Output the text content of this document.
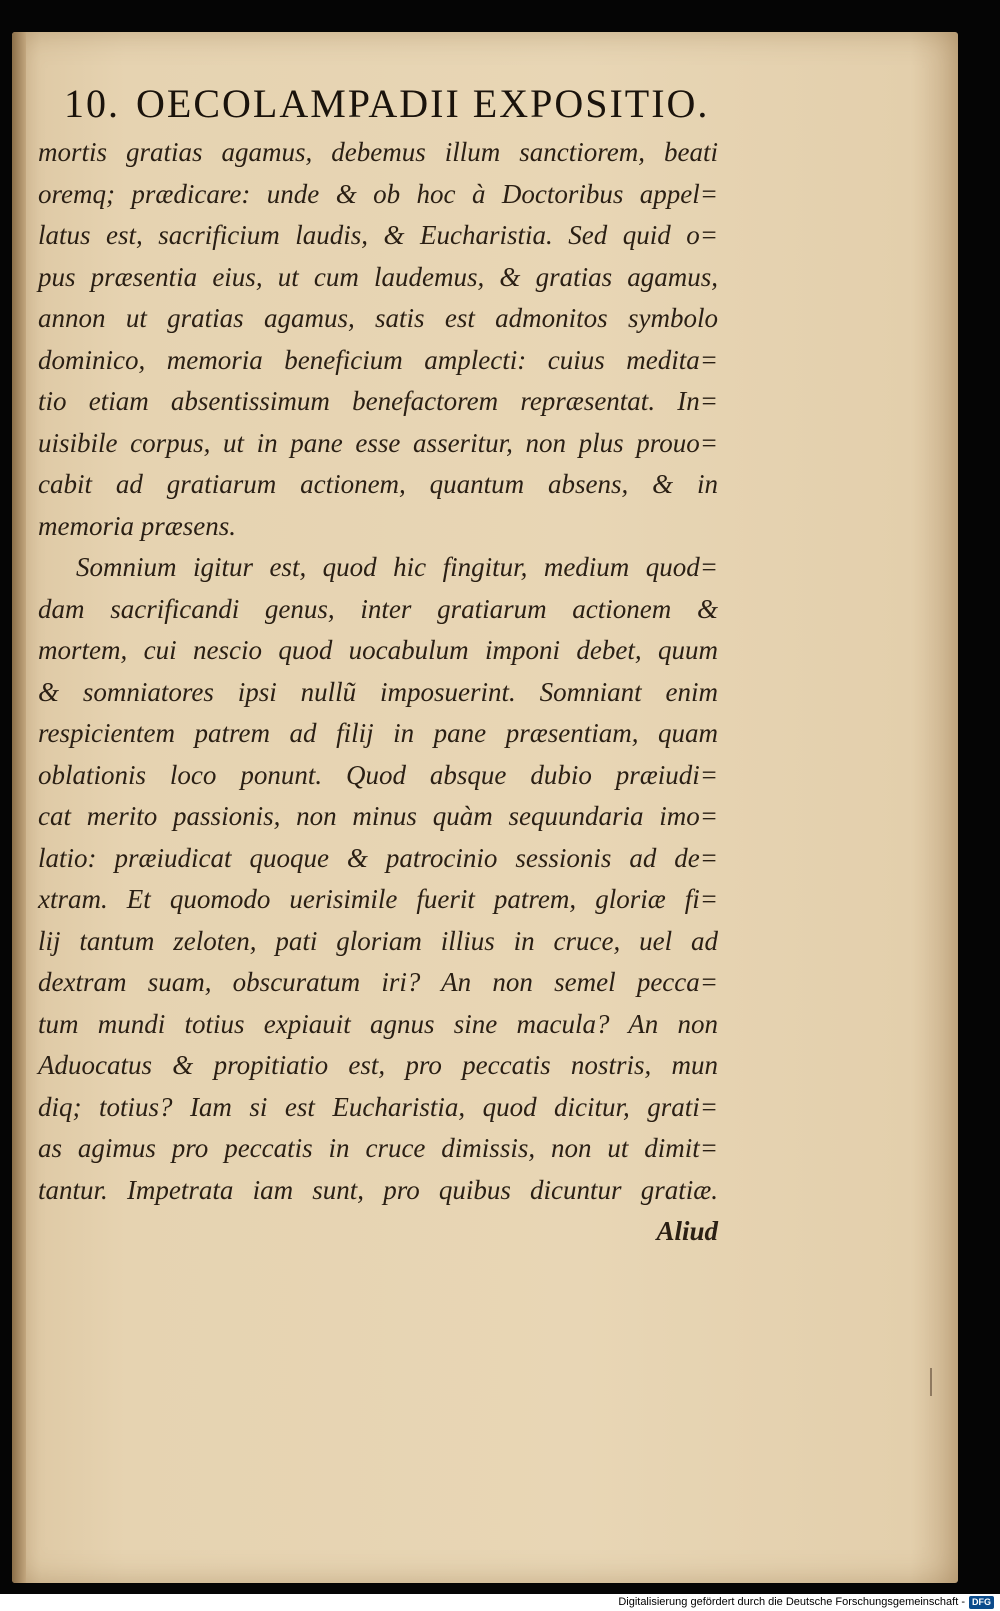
10. OECOLAMPADII EXPOSITIO.
mortis gratias agamus, debemus illum sanctiorem, beati
oremq; prædicare: unde & ob hoc à Doctoribus appel=
latus est, sacrificium laudis, & Eucharistia. Sed quid o=
pus præsentia eius, ut cum laudemus, & gratias agamus,
annon ut gratias agamus, satis est admonitos symbolo
dominico, memoria beneficium amplecti: cuius medita=
tio etiam absentissimum benefactorem repræsentat. In=
uisibile corpus, ut in pane esse asseritur, non plus prouo=
cabit ad gratiarum actionem, quantum absens, & in
memoria præsens.
Somnium igitur est, quod hic fingitur, medium quod=
dam sacrificandi genus, inter gratiarum actionem &
mortem, cui nescio quod uocabulum imponi debet, quum
& somniatores ipsi nullũ imposuerint. Somniant enim
respicientem patrem ad filij in pane præsentiam, quam
oblationis loco ponunt. Quod absque dubio præiudi=
cat merito passionis, non minus quàm sequundaria imo=
latio: præiudicat quoque & patrocinio sessionis ad de=
xtram. Et quomodo uerisimile fuerit patrem, gloriæ fi=
lij tantum zeloten, pati gloriam illius in cruce, uel ad
dextram suam, obscuratum iri? An non semel pecca=
tum mundi totius expiauit agnus sine macula? An non
Aduocatus & propitiatio est, pro peccatis nostris, mun
diq; totius? Iam si est Eucharistia, quod dicitur, grati=
as agimus pro peccatis in cruce dimissis, non ut dimit=
tantur. Impetrata iam sunt, pro quibus dicuntur gratiæ.
Aliud
Digitalisierung gefördert durch die Deutsche Forschungsgemeinschaft - DFG
